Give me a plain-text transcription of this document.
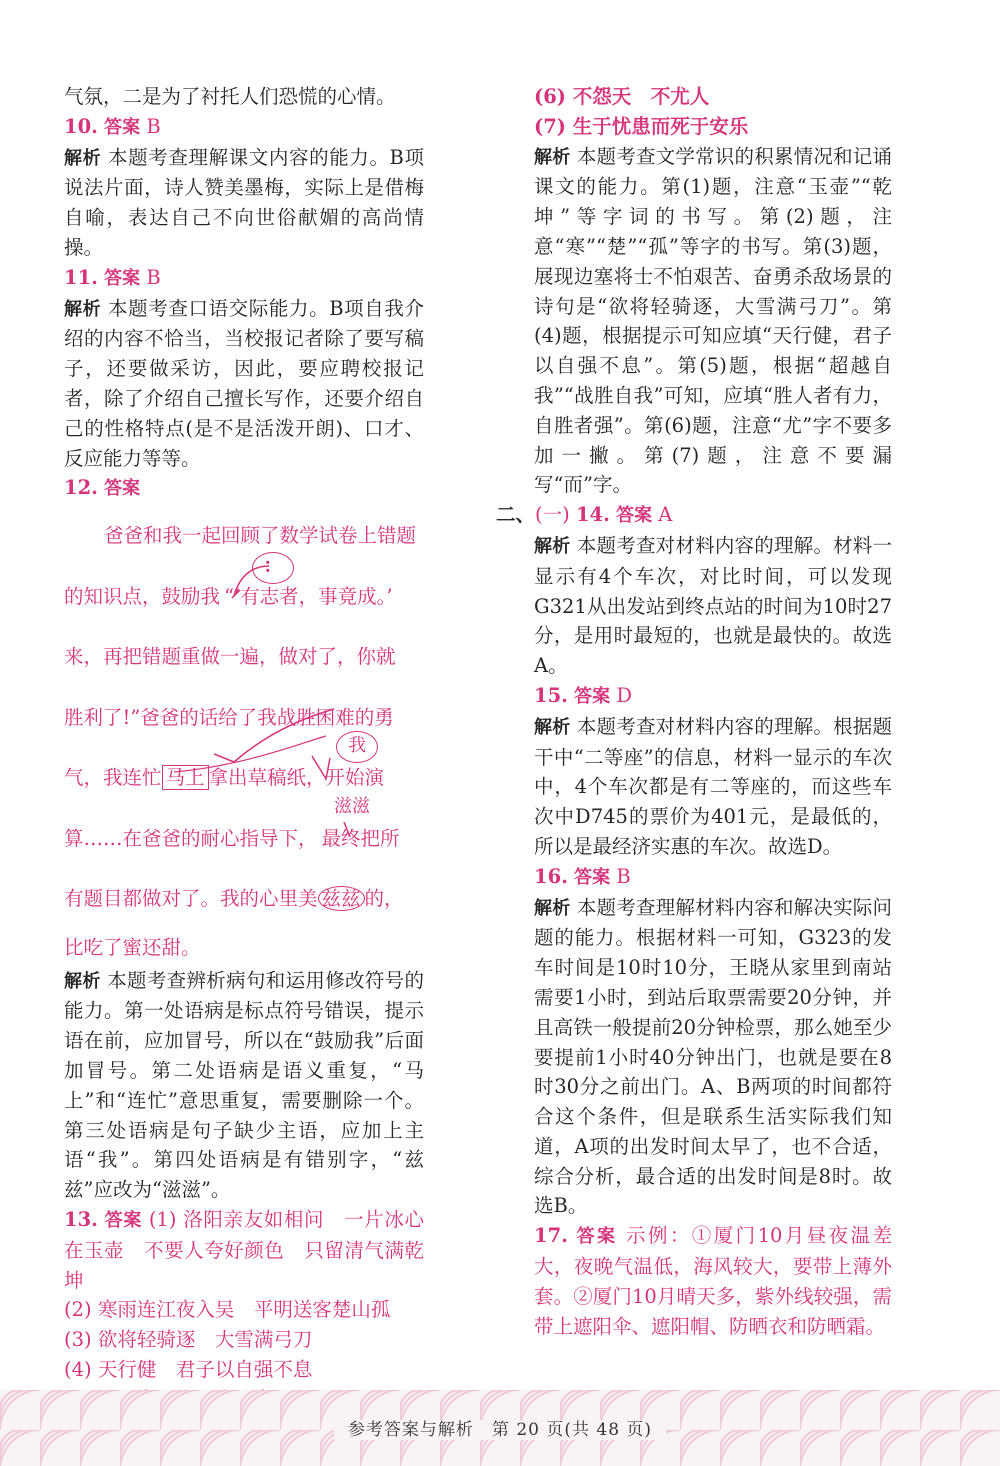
气氛，二是为了衬托人们恐慌的心情。

10. 答案 B

解析 本题考查理解课文内容的能力。B项说法片面，诗人赞美墨梅，实际上是借梅自喻，表达自己不向世俗献媚的高尚情操。

11. 答案 B

解析 本题考查口语交际能力。B项自我介绍的内容不恰当，当校报记者除了要写稿子，还要做采访，因此，要应聘校报记者，除了介绍自己擅长写作，还要介绍自己的性格特点(是不是活泼开朗)、口才、反应能力等等。

12. 答案

：
我
滋滋
爸爸和我一起回顾了数学试卷上错题
的知识点，鼓励我 “‘有志者，事竟成。’
来，再把错题重做一遍，做对了，你就
胜利了!”爸爸的话给了我战胜困难的勇
气，我连忙 马上 拿出草稿纸，开始演
算……在爸爸的耐心指导下， 最终把所
有题目都做对了。我的心里美 兹兹 的，
比吃了蜜还甜。

解析 本题考查辨析病句和运用修改符号的能力。第一处语病是标点符号错误，提示语在前，应加冒号，所以在“鼓励我”后面加冒号。第二处语病是语义重复，“马上”和“连忙”意思重复，需要删除一个。第三处语病是句子缺少主语，应加上主语“我”。第四处语病是有错别字，“兹兹”应改为“滋滋”。

13. 答案 (1) 洛阳亲友如相问　一片冰心在玉壶　不要人夸好颜色　只留清气满乾坤

(2) 寒雨连江夜入吴　平明送客楚山孤

(3) 欲将轻骑逐　大雪满弓刀

(4) 天行健　君子以自强不息

(6) 不怨天　不尤人

(7) 生于忧患而死于安乐

解析 本题考查文学常识的积累情况和记诵课文的能力。第(1)题，注意“玉壶”“乾坤”等字词的书写。第(2)题，注意“寒”“楚”“孤”等字的书写。第(3)题，展现边塞将士不怕艰苦、奋勇杀敌场景的诗句是“欲将轻骑逐，大雪满弓刀”。第(4)题，根据提示可知应填“天行健，君子以自强不息”。第(5)题，根据“超越自我”“战胜自我”可知，应填“胜人者有力，自胜者强”。第(6)题，注意“尤”字不要多加一撇。第(7)题，注意不要漏写“而”字。

二、(一) 14. 答案 A

解析 本题考查对材料内容的理解。材料一显示有4个车次，对比时间，可以发现G321从出发站到终点站的时间为10时27分，是用时最短的，也就是最快的。故选A。

15. 答案 D

解析 本题考查对材料内容的理解。根据题干中“二等座”的信息，材料一显示的车次中，4个车次都是有二等座的，而这些车次中D745的票价为401元，是最低的，所以是最经济实惠的车次。故选D。

16. 答案 B

解析 本题考查理解材料内容和解决实际问题的能力。根据材料一可知，G323的发车时间是10时10分，王晓从家里到南站需要1小时，到站后取票需要20分钟，并且高铁一般提前20分钟检票，那么她至少要提前1小时40分钟出门，也就是要在8时30分之前出门。A、B两项的时间都符合这个条件，但是联系生活实际我们知道，A项的出发时间太早了，也不合适，综合分析，最合适的出发时间是8时。故选B。

17. 答案 示例：①厦门10月昼夜温差大，夜晚气温低，海风较大，要带上薄外套。②厦门10月晴天多，紫外线较强，需带上遮阳伞、遮阳帽、防晒衣和防晒霜。

参考答案与解析　第 20 页(共 48 页)
